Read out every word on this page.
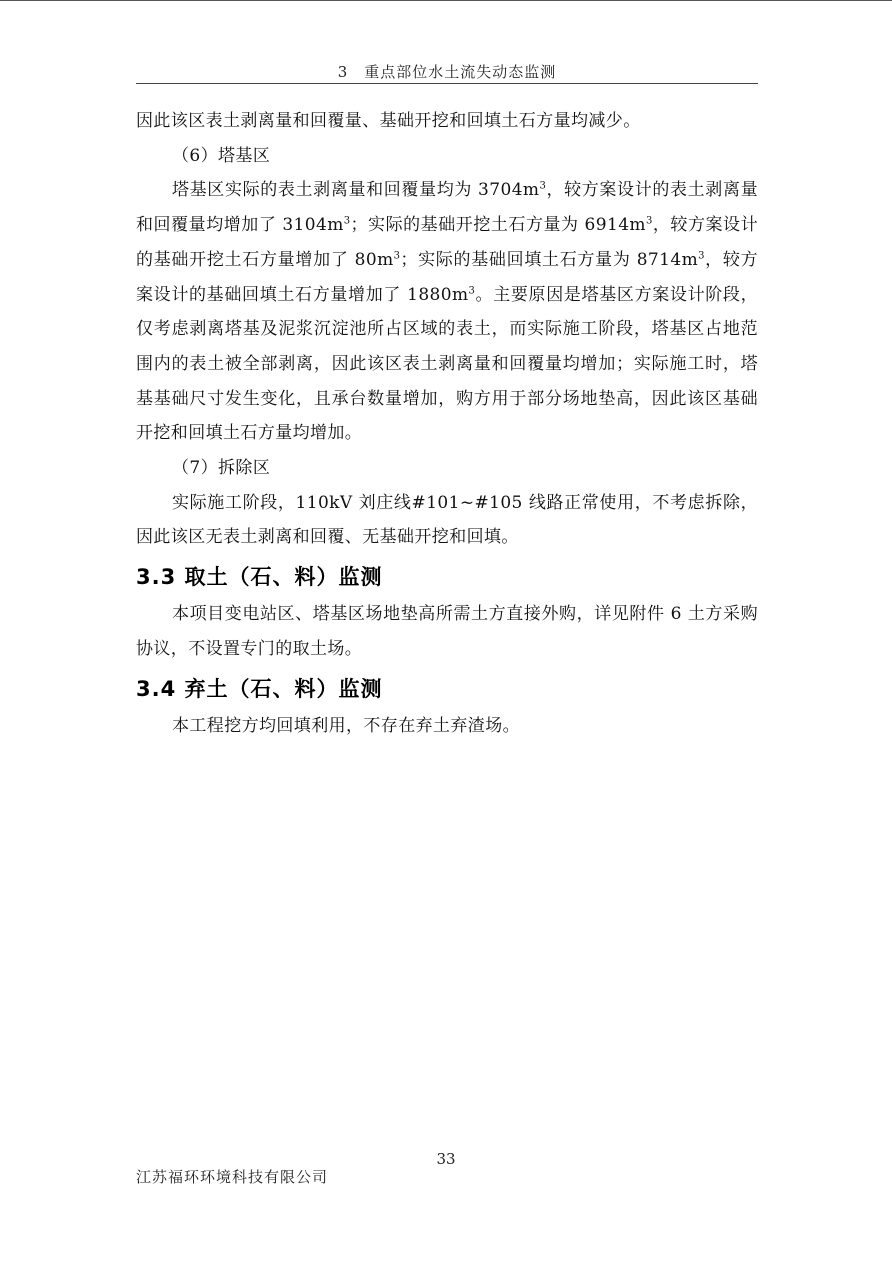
3　重点部位水土流失动态监测

因此该区表土剥离量和回覆量、基础开挖和回填土石方量均减少。

（6）塔基区

塔基区实际的表土剥离量和回覆量均为 $3704m^3$，较方案设计的表土剥离量和回覆量均增加了 $3104m^3$；实际的基础开挖土石方量为 $6914m^3$，较方案设计的基础开挖土石方量增加了 $80m^3$；实际的基础回填土石方量为 $8714m^3$，较方案设计的基础回填土石方量增加了 $1880m^3$。主要原因是塔基区方案设计阶段，仅考虑剥离塔基及泥浆沉淀池所占区域的表土，而实际施工阶段，塔基区占地范围内的表土被全部剥离，因此该区表土剥离量和回覆量均增加；实际施工时，塔基基础尺寸发生变化，且承台数量增加，购方用于部分场地垫高，因此该区基础开挖和回填土石方量均增加。

（7）拆除区

实际施工阶段，110kV 刘庄线#101~#105 线路正常使用，不考虑拆除，因此该区无表土剥离和回覆、无基础开挖和回填。

3.3 取土（石、料）监测

本项目变电站区、塔基区场地垫高所需土方直接外购，详见附件 6 土方采购协议，不设置专门的取土场。

3.4 弃土（石、料）监测

本工程挖方均回填利用，不存在弃土弃渣场。

33
江苏福环环境科技有限公司
